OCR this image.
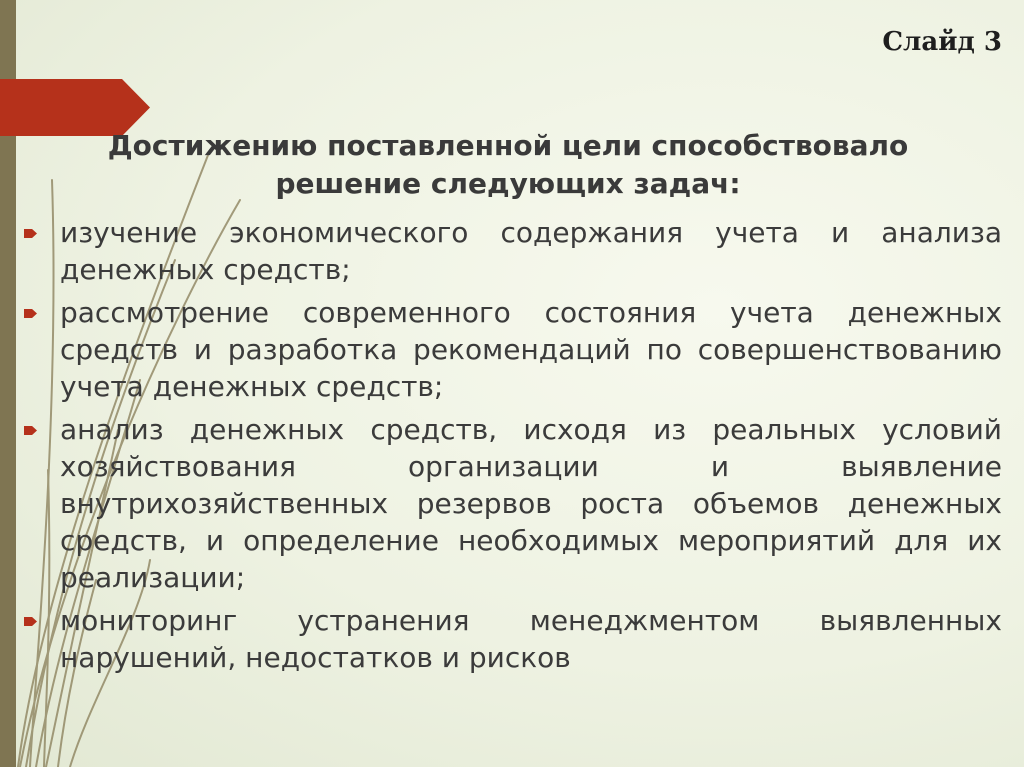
Слайд 3

Достижению поставленной цели способствовало решение следующих задач:
изучение экономического содержания учета и анализа денежных средств;
рассмотрение современного состояния учета денежных средств и разработка рекомендаций по совершенствованию учета денежных средств;
анализ денежных средств, исходя из реальных условий хозяйствования организации и выявление внутрихозяйственных резервов роста объемов денежных средств, и определение необходимых мероприятий для их реализации;
мониторинг устранения менеджментом выявленных нарушений, недостатков и рисков
